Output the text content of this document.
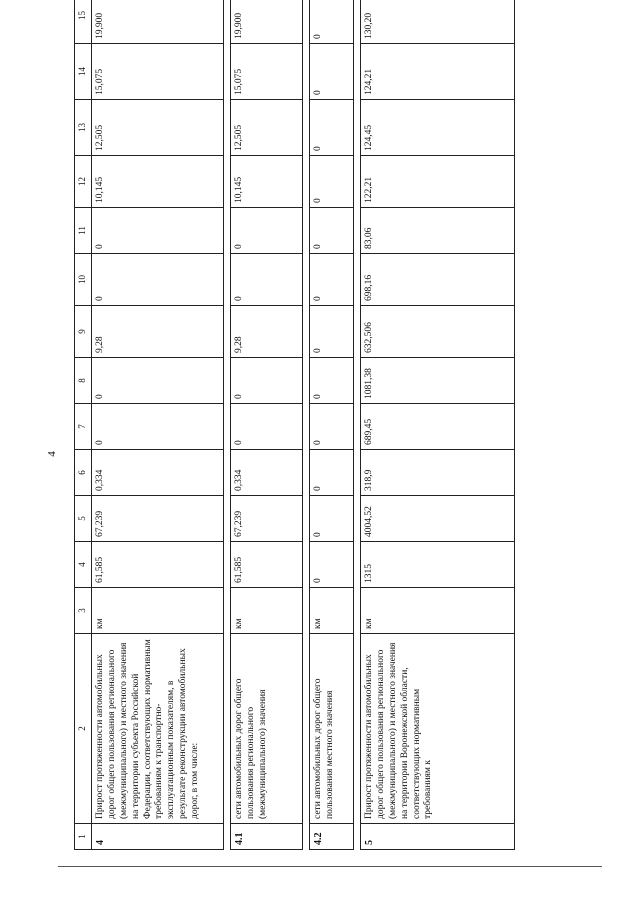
4
1	2	3	4	5	6	7	8	9	10	11	12	13	14	15
4	Прирост протяженности автомобильных дорог общего пользования регионального (межмуниципального) и местного значения на территории субъекта Российской Федерации, соответствующих нормативным требованиям к транспортно-эксплуатационным показателям, в результате реконструкции автомобильных дорог, в том числе:	км	61,585	67,239	0,334	0	0	9,28	0	0	10,145	12,505	15,075	19,900

4.1	сети автомобильных дорог общего пользования регионального (межмуниципального) значения	км	61,585	67,239	0,334	0	0	9,28	0	0	10,145	12,505	15,075	19,900

4.2	сети автомобильных дорог общего пользования местного значения	км	0	0	0	0	0	0	0	0	0	0	0	0

5	Прирост протяженности автомобильных дорог общего пользования регионального (межмуниципального) и местного значения на территории Воронежской области, соответствующих нормативным требованиям к	км	1315	4004,52	318,9	689,45	1081,38	632,506	698,16	83,06	122,21	124,45	124,21	130,20
